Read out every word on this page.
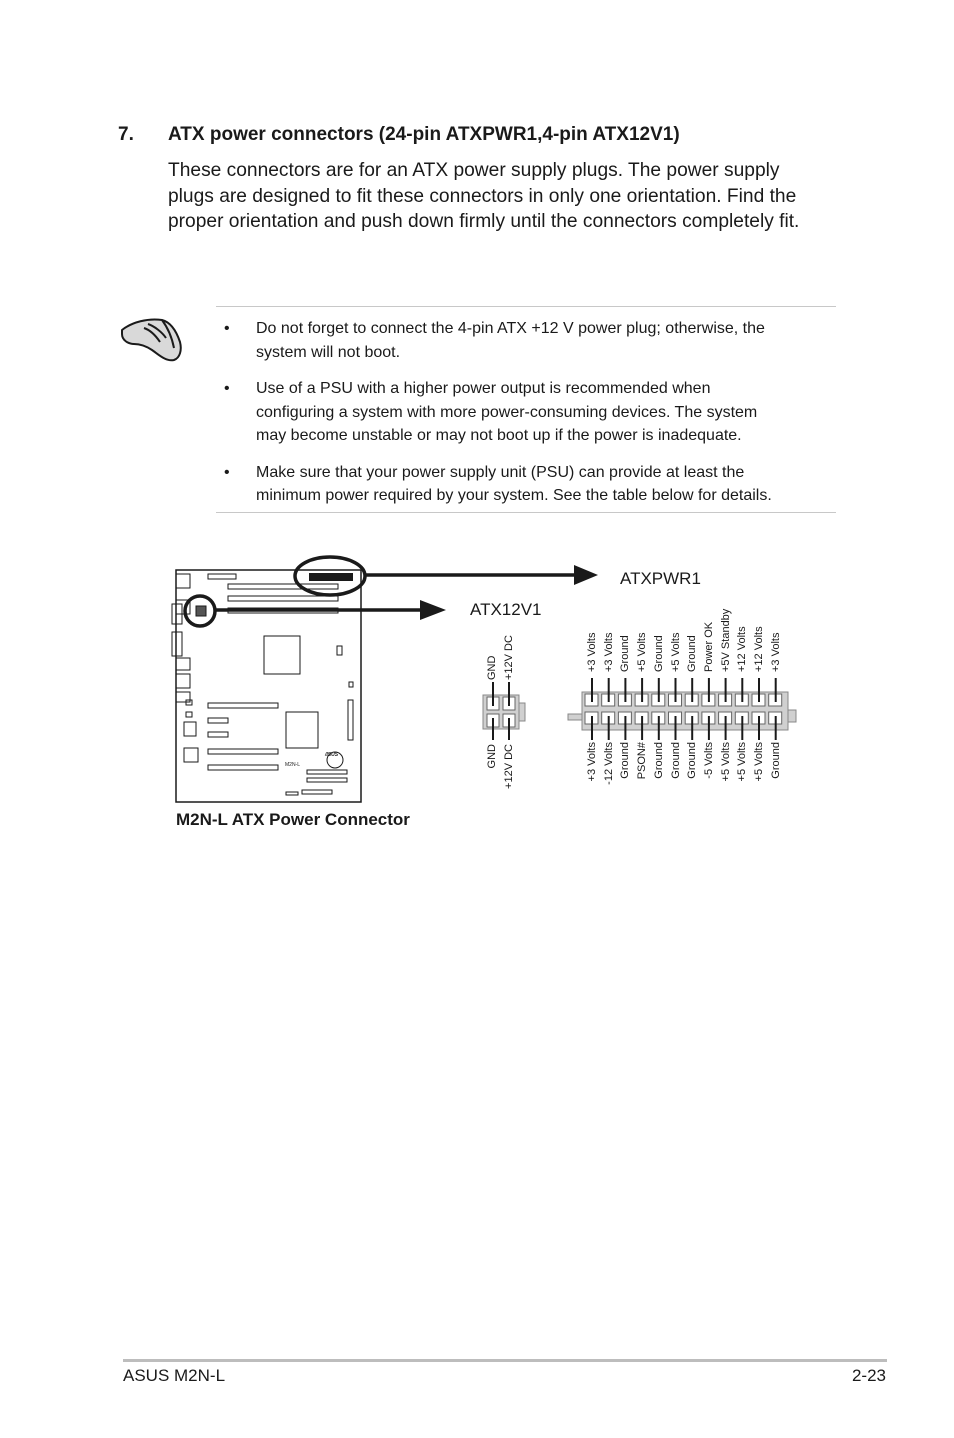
7. ATX power connectors (24-pin ATXPWR1,4-pin ATX12V1)
These connectors are for an ATX power supply plugs. The power supply
plugs are designed to fit these connectors in only one orientation. Find the
proper orientation and push down firmly until the connectors completely fit.
• Do not forget to connect the 4-pin ATX +12 V power plug; otherwise, the
system will not boot.
• Use of a PSU with a higher power output is recommended when
configuring a system with more power-consuming devices. The system
may become unstable or may not boot up if the power is inadequate.
• Make sure that your power supply unit (PSU) can provide at least the
minimum power required by your system. See the table below for details.
ATXPWR1
ATX12V1
M2N-L
/ISUS
GND +12V DC
GND +12V DC
+3 Volts +3 Volts Ground +5 Volts Ground +5 Volts Ground Power OK +5V Standby +12 Volts +12 Volts +3 Volts
+3 Volts -12 Volts Ground PSON# Ground Ground Ground -5 Volts +5 Volts +5 Volts +5 Volts Ground
M2N-L ATX Power Connector
ASUS M2N-L	2-23
